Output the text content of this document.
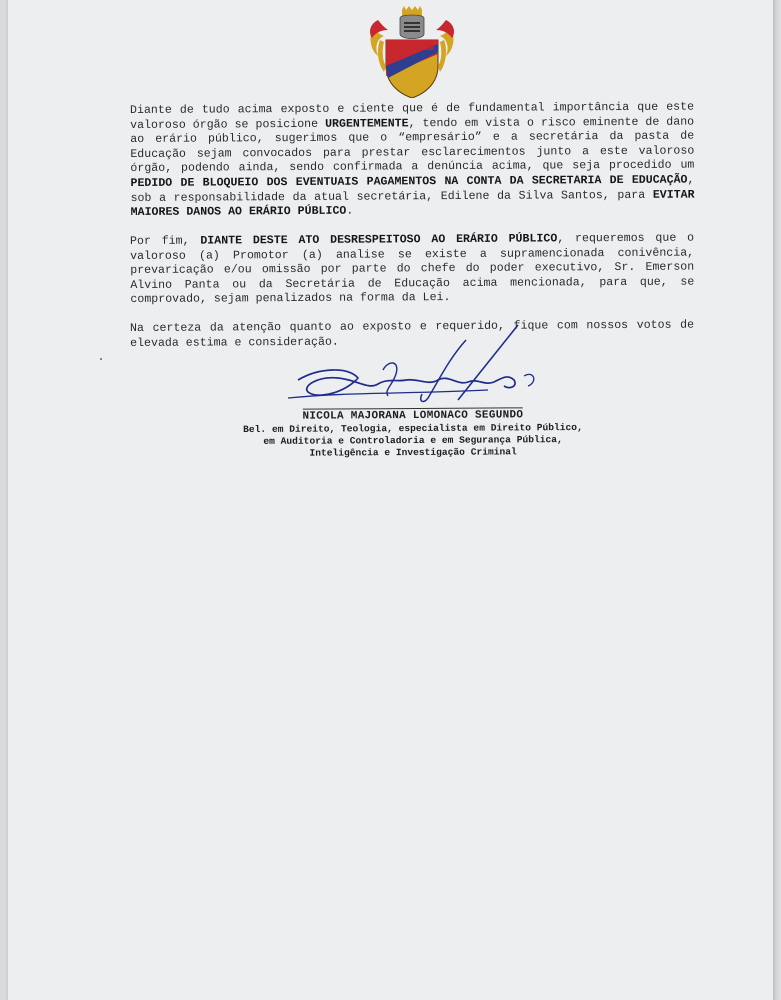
Diante de tudo acima exposto e ciente que é de fundamental importância que este valoroso órgão se posicione URGENTEMENTE, tendo em vista o risco eminente de dano ao erário público, sugerimos que o “empresário” e a secretária da pasta de Educação sejam convocados para prestar esclarecimentos junto a este valoroso órgão, podendo ainda, sendo confirmada a denúncia acima, que seja procedido um PEDIDO DE BLOQUEIO DOS EVENTUAIS PAGAMENTOS NA CONTA DA SECRETARIA DE EDUCAÇÃO, sob a responsabilidade da atual secretária, Edilene da Silva Santos, para EVITAR MAIORES DANOS AO ERÁRIO PÚBLICO.

Por fim, DIANTE DESTE ATO DESRESPEITOSO AO ERÁRIO PÚBLICO, requeremos que o valoroso (a) Promotor (a) analise se existe a supramencionada conivência, prevaricação e/ou omissão por parte do chefe do poder executivo, Sr. Emerson Alvino Panta ou da Secretária de Educação acima mencionada, para que, se comprovado, sejam penalizados na forma da Lei.

Na certeza da atenção quanto ao exposto e requerido, fique com nossos votos de elevada estima e consideração.

NICOLA MAJORANA LOMONACO SEGUNDO
Bel. em Direito, Teologia, especialista em Direito Público,
em Auditoria e Controladoria e em Segurança Pública,
Inteligência e Investigação Criminal
